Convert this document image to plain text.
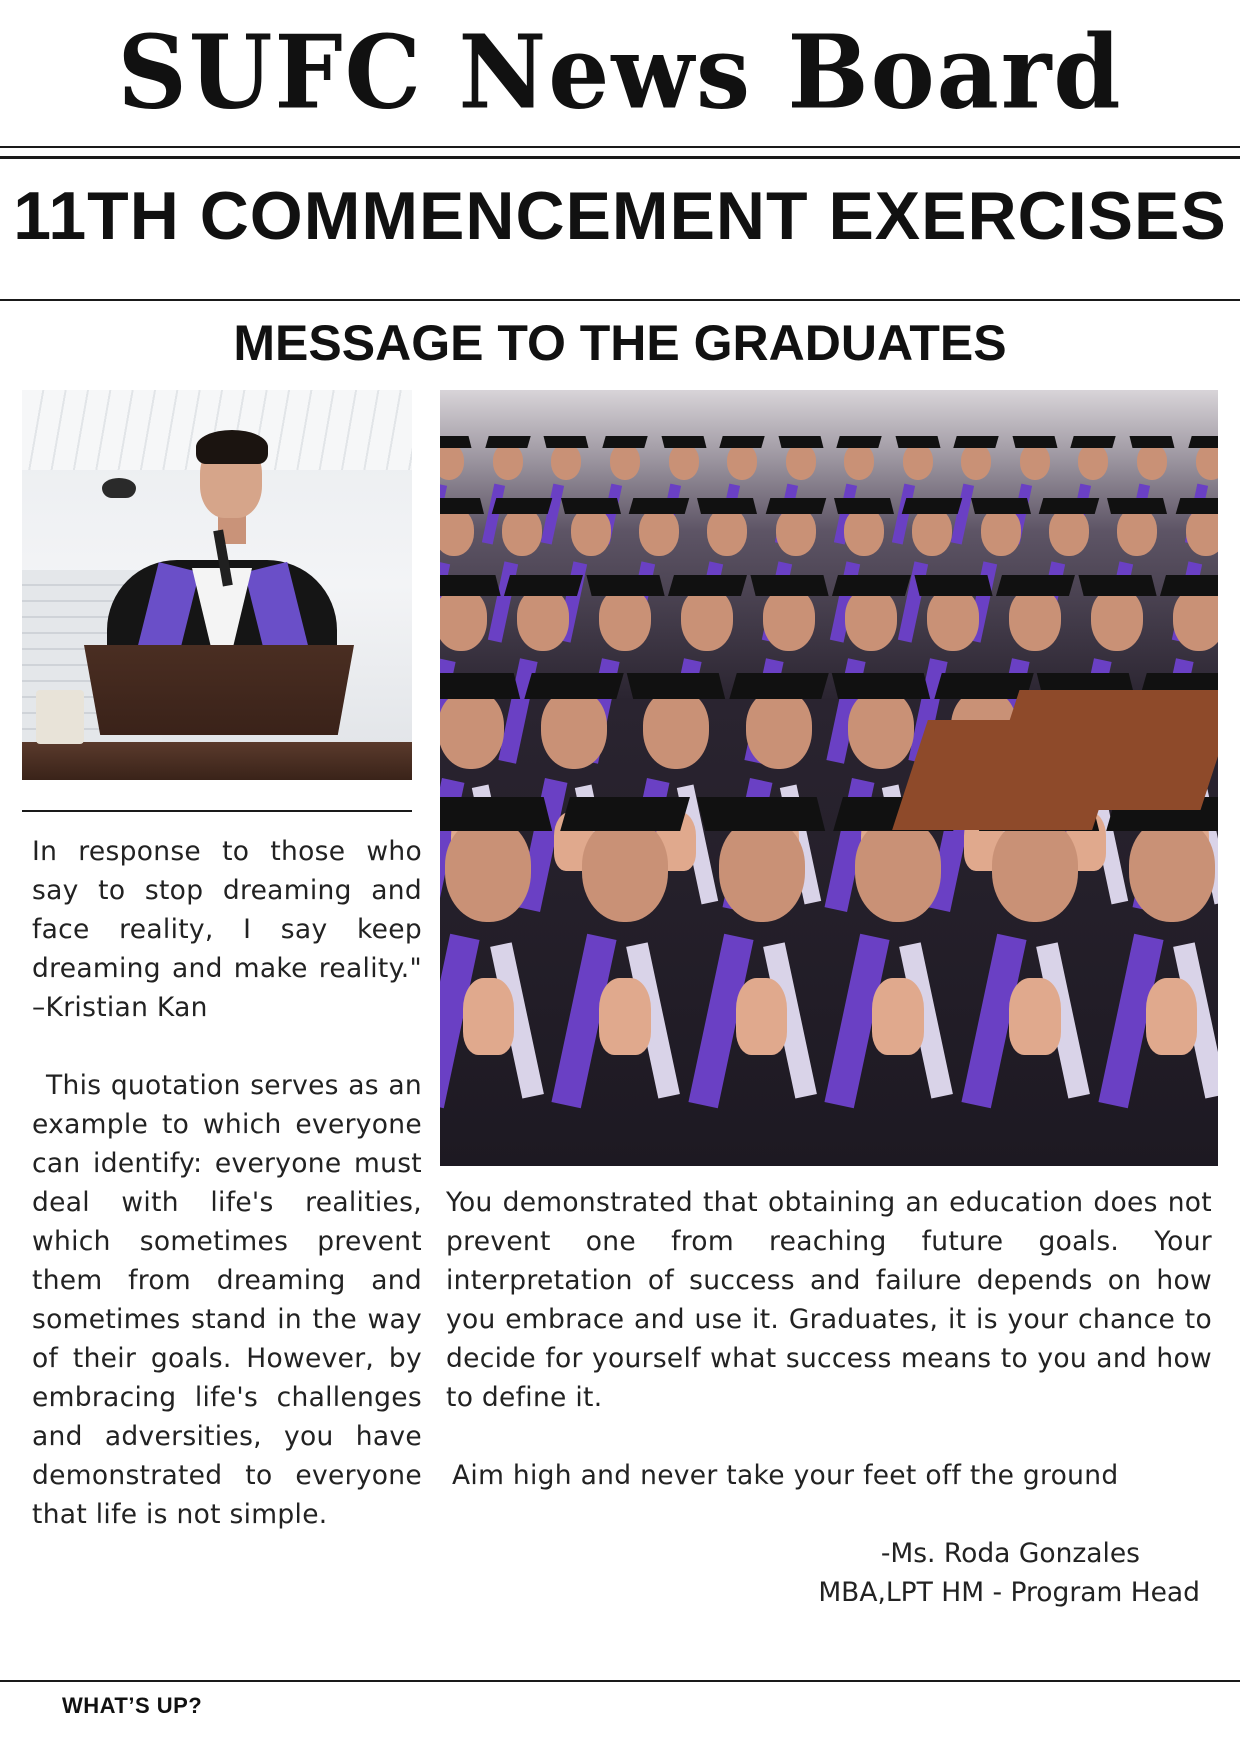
SUFC News Board
11TH COMMENCEMENT EXERCISES
MESSAGE TO THE GRADUATES

In response to those who say to stop dreaming and face reality, I say keep dreaming and make reality." –Kristian Kan

This quotation serves as an example to which everyone can identify: everyone must deal with life's realities, which sometimes prevent them from dreaming and sometimes stand in the way of their goals. However, by embracing life's challenges and adversities, you have demonstrated to everyone that life is not simple.

You demonstrated that obtaining an education does not prevent one from reaching future goals. Your interpretation of success and failure depends on how you embrace and use it. Graduates, it is your chance to decide for yourself what success means to you and how to define it.

Aim high and never take your feet off the ground
-Ms. Roda Gonzales
MBA,LPT HM - Program Head
WHAT’S UP?
